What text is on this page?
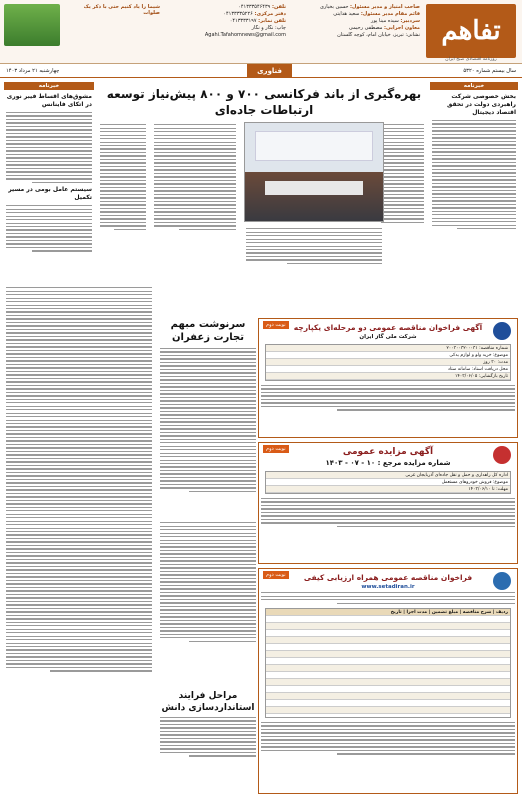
تفاهم
روزنامه اقتصادی صبح ایران
صاحب امتیاز و مدیر مسئول: حسین بخیاری
قائم مقام مدیر مسئول: سعید هدایتی
سردبیر: سیده مینا پور
معاون اجرایی: مصطفی رحیمی
نشانی: تبریز، خیابان امام، کوچه گلستان
تلفن: ۰۴۱۳۳۳۵۴۶۴۳۹
دفتر مرکزی: ۰۴۱۳۳۳۳۵۲۲۶
تلفن نمابر: ۰۴۱۳۳۳۳۱۹۷
چاپ: نگار و نگار
Agahi.Tafahomnews@gmail.com
شیما را یاد کنیم حتی با ذکر یک صلوات
سال بیستم شماره ۵۳۲۰
فناوری
چهارشنبه ۲۱ مرداد ۱۴۰۳
خبرنامه
بخش خصوصی شرکت راهبردی دولت در تحقق اقتصاد دیجیتال
بهره‌گیری از باند فرکانسی ۷۰۰ و ۸۰۰ پیش‌نیاز توسعه ارتباطات جاده‌ای
خبرنامه
مشوق‌های اقساط فیبر نوری در اتکای فاینانس
سیستم عامل بومی در مسیر تکمیل
نوبت دوم	آگهی فراخوان مناقصه عمومی دو مرحله‌ای یکپارچه
شرکت ملی گاز ایران
شماره مناقصه: ۲۰۰۳۰۰۳۲۰۰۰۳۱
موضوع: خرید ولو و لوازم یدکی
مدت: ۳۰ روز
محل دریافت اسناد: سامانه ستاد
تاریخ بازگشایی: ۱۴۰۳/۰۶/۰۵
نوبت دوم	آگهی مزایده عمومی
شماره مزایده مرجع : ۱۰ - ۰۷ - ۱۴۰۳
اداره کل راهداری و حمل و نقل جاده‌ای آذربایجان غربی
موضوع: فروش خودروهای مستعمل
مهلت: تا ۱۴۰۳/۰۶/۱۰
نوبت دوم	فراخوان مناقصه عمومی همراه ارزیابی کیفی
www.setadiran.ir
ردیف | شرح مناقصه | مبلغ تضمین | مدت اجرا | تاریخ
سرنوشت مبهم تجارت زعفران
مراحل فرایند استانداردسازی دانش
